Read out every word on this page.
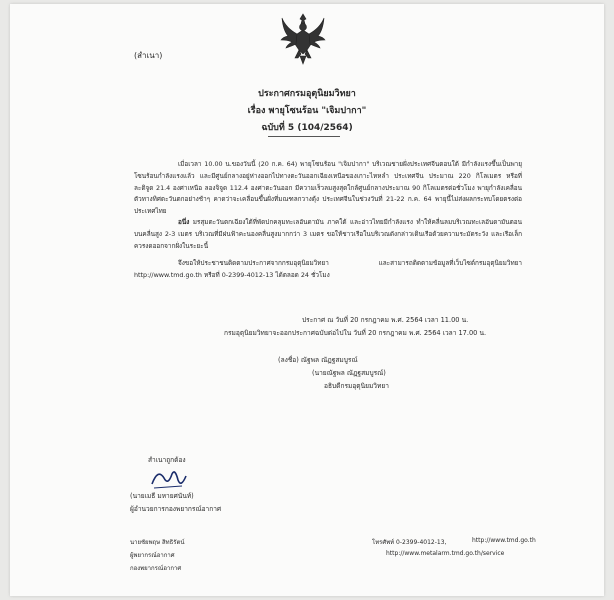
(สำเนา)
ประกาศกรมอุตุนิยมวิทยา
เรื่อง พายุโซนร้อน "เจิมปากา"
ฉบับที่ 5 (104/2564)
เมื่อเวลา 10.00 น.ของวันนี้ (20 ก.ค. 64) พายุโซนร้อน "เจิมปากา" บริเวณชายฝั่งประเทศจีนตอนใต้ มีกำลังแรงขึ้นเป็นพายุโซนร้อนกำลังแรงแล้ว และมีศูนย์กลางอยู่ห่างออกไปทางตะวันออกเฉียงเหนือของเกาะไหหลำ ประเทศจีน ประมาณ 220 กิโลเมตร หรือที่ละติจูด 21.4 องศาเหนือ ลองจิจูด 112.4 องศาตะวันออก มีความเร็วลมสูงสุดใกล้ศูนย์กลางประมาณ 90 กิโลเมตรต่อชั่วโมง พายุกำลังเคลื่อนตัวทางทิศตะวันตกอย่างช้าๆ คาดว่าจะเคลื่อนขึ้นฝั่งที่มณฑลกวางตุ้ง ประเทศจีนในช่วงวันที่ 21-22 ก.ค. 64 พายุนี้ไม่ส่งผลกระทบโดยตรงต่อประเทศไทย
อนึ่ง มรสุมตะวันตกเฉียงใต้ที่พัดปกคลุมทะเลอันดามัน ภาคใต้ และอ่าวไทยมีกำลังแรง ทำให้คลื่นลมบริเวณทะเลอันดามันตอนบนคลื่นสูง 2-3 เมตร บริเวณที่มีฝนฟ้าคะนองคลื่นสูงมากกว่า 3 เมตร ขอให้ชาวเรือในบริเวณดังกล่าวเดินเรือด้วยความระมัดระวัง และเรือเล็กควรงดออกจากฝั่งในระยะนี้
จึงขอให้ประชาชนติดตามประกาศจากกรมอุตุนิยมวิทยา และสามารถติดตามข้อมูลที่เว็บไซต์กรมอุตุนิยมวิทยา http://www.tmd.go.th หรือที่ 0-2399-4012-13 ได้ตลอด 24 ชั่วโมง
ประกาศ ณ วันที่ 20 กรกฎาคม พ.ศ. 2564 เวลา 11.00 น.
กรมอุตุนิยมวิทยาจะออกประกาศฉบับต่อไปใน วันที่ 20 กรกฎาคม พ.ศ. 2564 เวลา 17.00 น.
(ลงชื่อ) ณัฐพล ณัฏฐสมบูรณ์
(นายณัฐพล ณัฏฐสมบูรณ์)
อธิบดีกรมอุตุนิยมวิทยา
สำเนาถูกต้อง
(นายเมธี มหายศนันท์)
ผู้อำนวยการกองพยากรณ์อากาศ
นายชัยพฤษ สิทธิรัตน์
ผู้พยากรณ์อากาศ
กองพยากรณ์อากาศ
โทรศัพท์ 0-2399-4012-13,	http://www.tmd.go.th
http://www.metalarm.tmd.go.th/service
